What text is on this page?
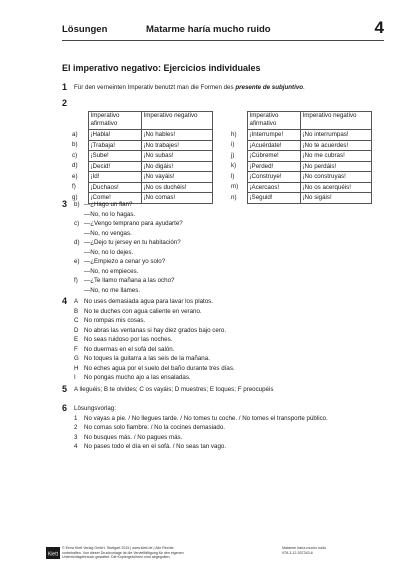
Lösungen	Matarme haría mucho ruido	4
El imperativo negativo: Ejercicios individuales
1 Für den verneinten Imperativ benutzt man die Formen des presente de subjuntivo.
2
	Imperativo afirmativo	Imperativo negativo
a)	¡Habla!	¡No hables!
b)	¡Trabaja!	¡No trabajes!
c)	¡Sube!	¡No subas!
d)	¡Decid!	¡No digáis!
e)	¡Id!	¡No vayáis!
f)	¡Duchaos!	¡No os duchéis!
g)	¡Come!	¡No comas!
	Imperativo afirmativo	Imperativo negativo
h)	¡Interrumpe!	¡No interrumpas!
i)	¡Acuérdate!	¡No te acuerdes!
j)	¡Cúbreme!	¡No me cubras!
k)	¡Perded!	¡No perdáis!
l)	¡Construye!	¡No construyas!
m)	¡Acercaos!	¡No os acerquéis!
n)	¡Seguid!	¡No sigáis!
3 b) —¿Hago un flan?
—No, no lo hagas.
c) —¿Vengo temprano para ayudarte?
—No, no vengas.
d) —¿Dejo tu jersey en tu habitación?
—No, no lo dejes.
e) —¿Empiezo a cenar yo solo?
—No, no empieces.
f)	—¿Te llamo mañana a las ocho?
—No, no me llames.
4 A No uses demasiada agua para lavar los platos.
B No te duches con agua caliente en verano.
C No rompas mis cosas.
D No abras las ventanas si hay diez grados bajo cero.
E No seas ruidoso por las noches.
F	No duermas en el sofá del salón.
G No toques la guitarra a las seis de la mañana.
H No eches agua por el suelo del baño durante tres días.
I	No pongas mucho ajo a las ensaladas.
5 A lleguéis; B te olvides; C os vayáis; D muestres; E toques; F preocupéis
6 Lösungsvorlag:
1	No vayas a pie. / No llegues tarde. / No tomes tu coche. / No tomes el transporte público.
2	No comas solo fiambre. / No la cocines demasiado.
3	No busques más. / No pagues más.
4	No pases todo el día en el sofá. / No seas tan vago.
Klett
© Ernst Klett Verlag GmbH, Stuttgart 2015 | www.klett.de | Alle Rechte
vorbehalten. Von dieser Druckvorlage ist die Vervielfältigung für den eigenen
Unterrichtsgebrauch gestattet. Die Kopiergebühren sind abgegolten.
Matarme haría mucho ruido
978-3-12-537343-6
